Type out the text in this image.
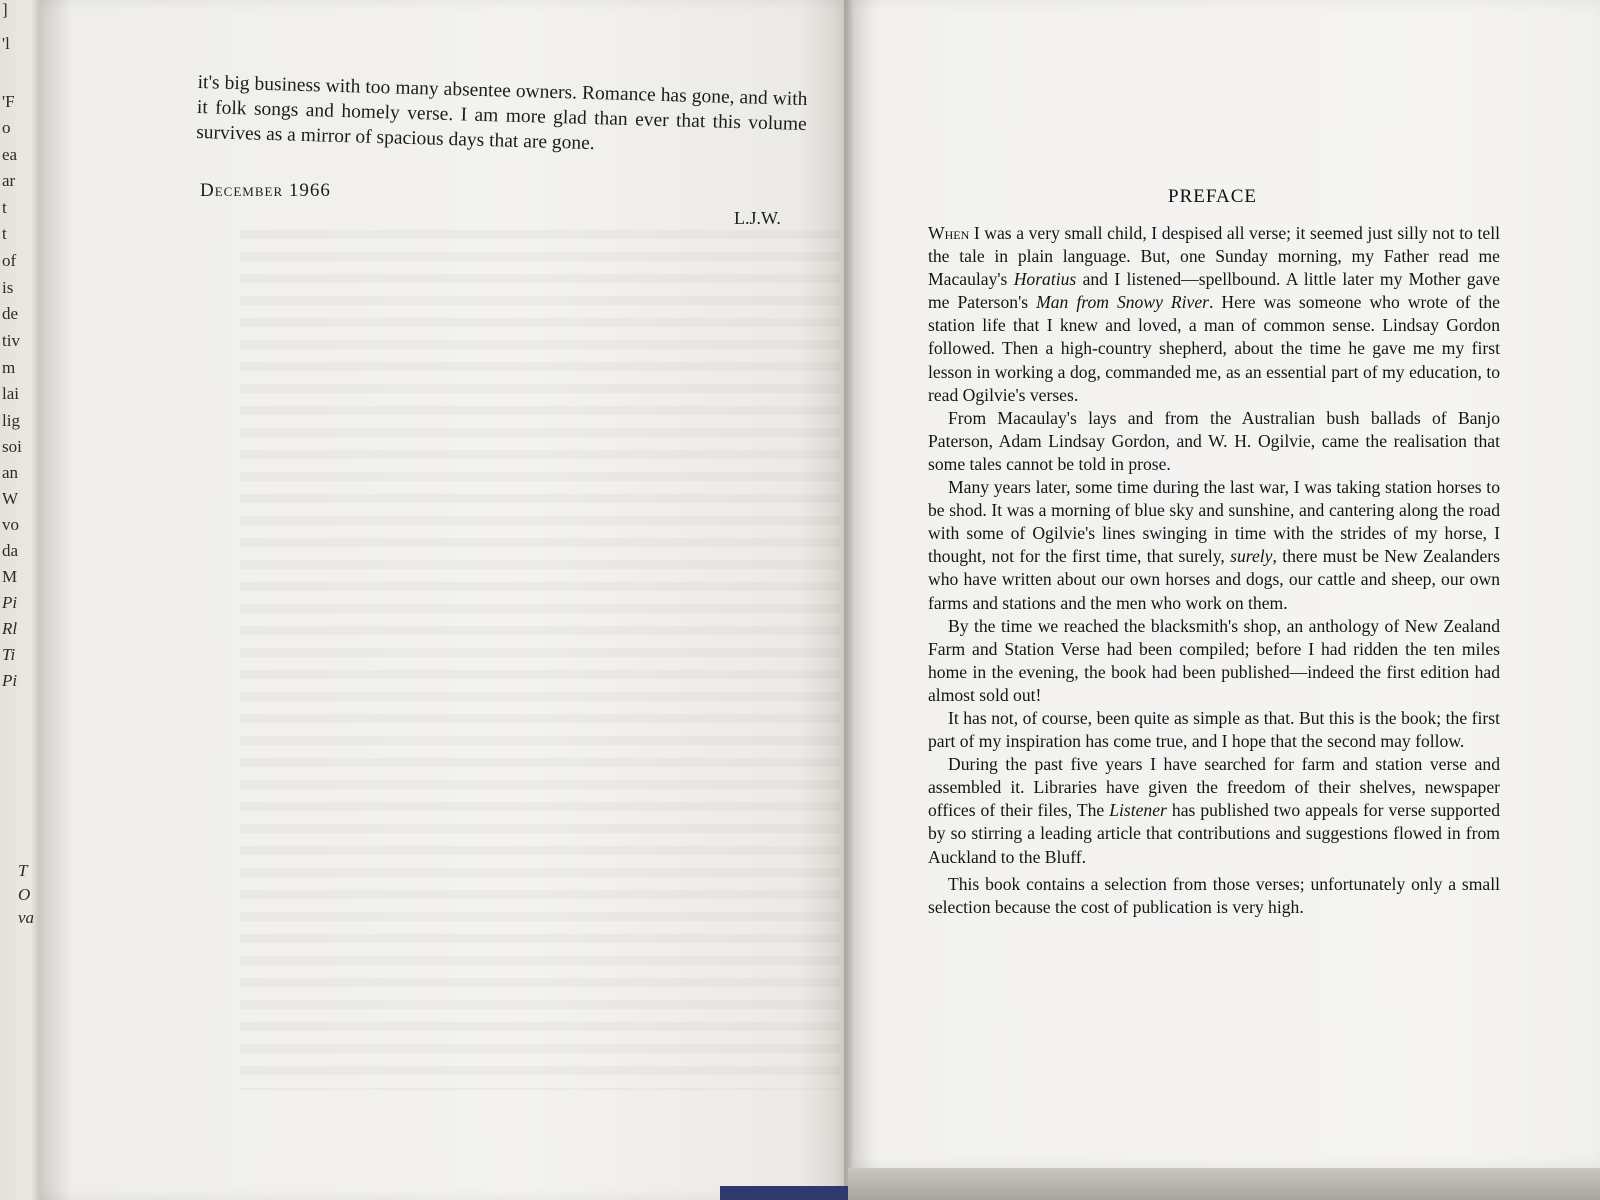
]
'l
'F
o
ea
ar
t
t
of
is
de
tiv
m
lai
lig
soi
an
W
vo
da
M
Pi
Rl
Ti
Pi
T
O
va

it's big business with too many absentee owners. Romance has gone, and with it folk songs and homely verse. I am more glad than ever that this volume survives as a mirror of spacious days that are gone.

December 1966
L.J.W.
PREFACE

When I was a very small child, I despised all verse; it seemed just silly not to tell the tale in plain language. But, one Sunday morning, my Father read me Macaulay's Horatius and I listened—spellbound. A little later my Mother gave me Paterson's Man from Snowy River. Here was someone who wrote of the station life that I knew and loved, a man of common sense. Lindsay Gordon followed. Then a high-country shepherd, about the time he gave me my first lesson in working a dog, commanded me, as an essential part of my education, to read Ogilvie's verses.

From Macaulay's lays and from the Australian bush ballads of Banjo Paterson, Adam Lindsay Gordon, and W. H. Ogilvie, came the realisation that some tales cannot be told in prose.

Many years later, some time during the last war, I was taking station horses to be shod. It was a morning of blue sky and sunshine, and cantering along the road with some of Ogilvie's lines swinging in time with the strides of my horse, I thought, not for the first time, that surely, surely, there must be New Zealanders who have written about our own horses and dogs, our cattle and sheep, our own farms and stations and the men who work on them.

By the time we reached the blacksmith's shop, an anthology of New Zealand Farm and Station Verse had been compiled; before I had ridden the ten miles home in the evening, the book had been published—indeed the first edition had almost sold out!

It has not, of course, been quite as simple as that. But this is the book; the first part of my inspiration has come true, and I hope that the second may follow.

During the past five years I have searched for farm and station verse and assembled it. Libraries have given the freedom of their shelves, newspaper offices of their files, The Listener has published two appeals for verse supported by so stirring a leading article that contributions and suggestions flowed in from Auckland to the Bluff.

This book contains a selection from those verses; unfortunately only a small selection because the cost of publication is very high.
